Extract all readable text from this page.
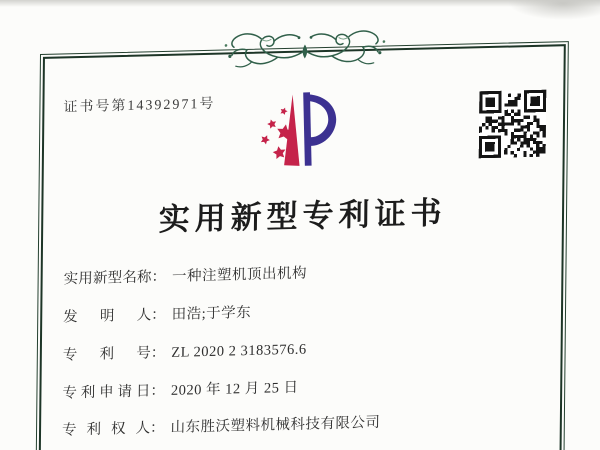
证书号第14392971号
实用新型专利证书
实用新型名称： 一种注塑机顶出机构
发明人： 田浩;于学东
专利号： ZL 2020 2 3183576.6
专利申请日： 2020 年 12 月 25 日
专利权人： 山东胜沃塑料机械科技有限公司
